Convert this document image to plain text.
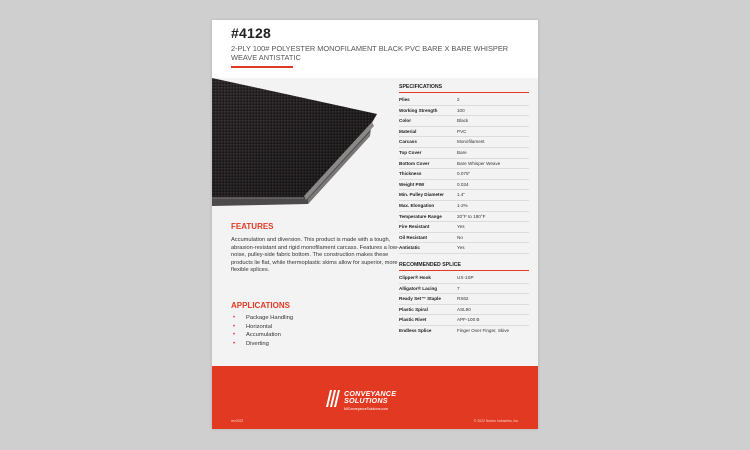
#4128
2-PLY 100# POLYESTER MONOFILAMENT BLACK PVC BARE X BARE WHISPER WEAVE ANTISTATIC
FEATURES
Accumulation and diversion. This product is made with a tough, abrasion-resistant and rigid monofilament carcass. Features a low-noise, pulley-side fabric bottom. The construction makes these products lie flat, while thermoplastic skims allow for superior, more flexible splices.
APPLICATIONS
• Package Handling
• Horizontal
• Accumulation
• Diverting
SPECIFICATIONS
Plies	2
Working Strength	100
Color	Black
Material	PVC
Carcass	Monofilament
Top Cover	Bare
Bottom Cover	Bare Whisper Weave
Thickness	0.075"
Weight PIW	0.034
Min. Pulley Diameter	1.4"
Max. Elongation	1-2%
Temperature Range	20°F to 180°F
Fire Resistant	Yes
Oil Resistant	No
Antistatic	Yes
RECOMMENDED SPLICE
Clipper® Hook	UX-1SP
Alligator® Lacing	7
Ready Set™ Staple	RS62
Plastic Spiral	ASL90
Plastic Rivet	APF-100 B
Endless Splice	Finger Over Finger, Skive
CONVEYANCE
SOLUTIONS
MIConveyanceSolutions.com
rev2022	© 2022 Norton Industries, Inc.
